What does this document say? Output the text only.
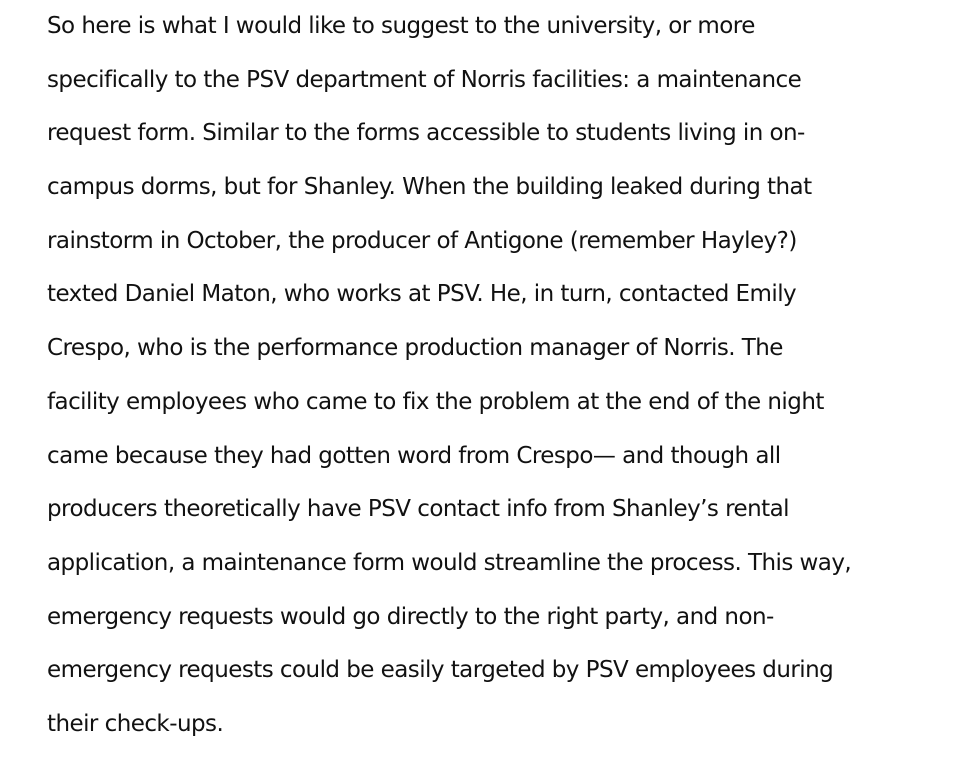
So here is what I would like to suggest to the university, or more
specifically to the PSV department of Norris facilities: a maintenance
request form. Similar to the forms accessible to students living in on-
campus dorms, but for Shanley. When the building leaked during that
rainstorm in October, the producer of Antigone (remember Hayley?)
texted Daniel Maton, who works at PSV. He, in turn, contacted Emily
Crespo, who is the performance production manager of Norris. The
facility employees who came to fix the problem at the end of the night
came because they had gotten word from Crespo— and though all
producers theoretically have PSV contact info from Shanley’s rental
application, a maintenance form would streamline the process. This way,
emergency requests would go directly to the right party, and non-
emergency requests could be easily targeted by PSV employees during
their check-ups.
